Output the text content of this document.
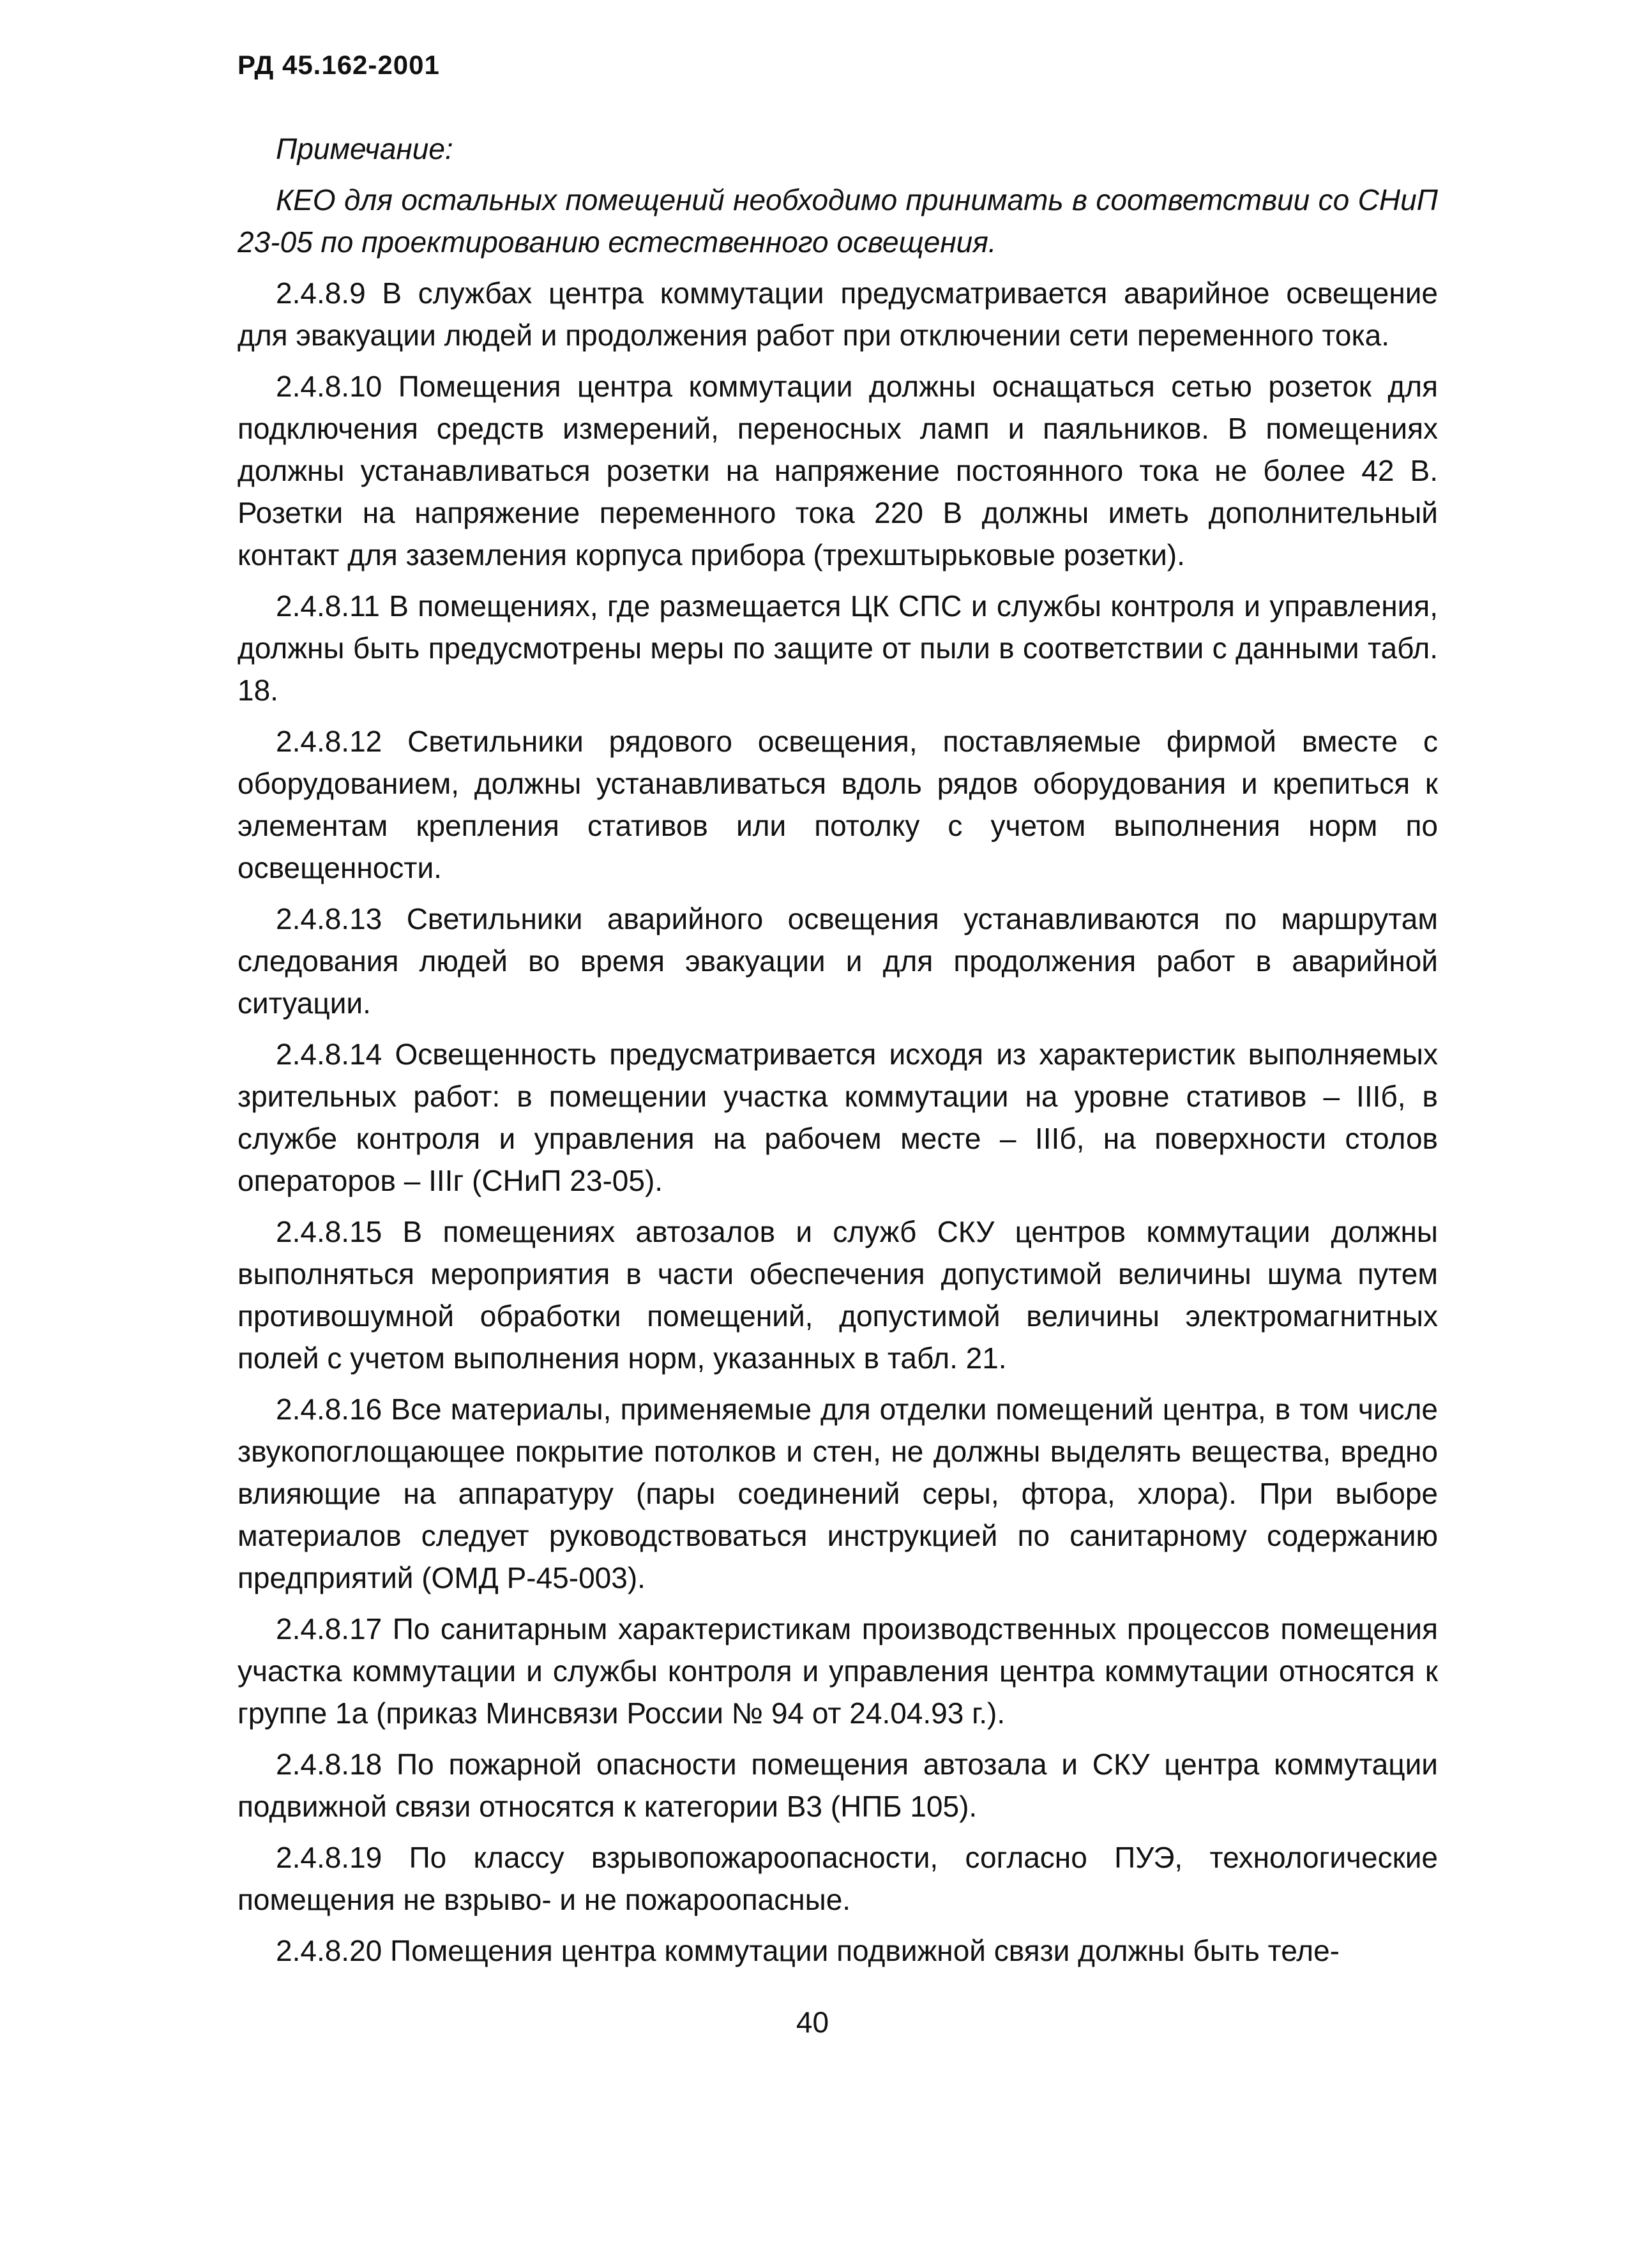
РД 45.162-2001
Примечание:
КЕО для остальных помещений необходимо принимать в соответствии со СНиП 23-05 по проектированию естественного освещения.

2.4.8.9 В службах центра коммутации предусматривается аварийное освещение для эвакуации людей и продолжения работ при отключении сети переменного тока.

2.4.8.10 Помещения центра коммутации должны оснащаться сетью розеток для подключения средств измерений, переносных ламп и паяльников. В помещениях должны устанавливаться розетки на напряжение постоянного тока не более 42 В. Розетки на напряжение переменного тока 220 В должны иметь дополнительный контакт для заземления корпуса прибора (трехштырьковые розетки).

2.4.8.11 В помещениях, где размещается ЦК СПС и службы контроля и управления, должны быть предусмотрены меры по защите от пыли в соответствии с данными табл. 18.

2.4.8.12 Светильники рядового освещения, поставляемые фирмой вместе с оборудованием, должны устанавливаться вдоль рядов оборудования и крепиться к элементам крепления стативов или потолку с учетом выполнения норм по освещенности.

2.4.8.13 Светильники аварийного освещения устанавливаются по маршрутам следования людей во время эвакуации и для продолжения работ в аварийной ситуации.

2.4.8.14 Освещенность предусматривается исходя из характеристик выполняемых зрительных работ: в помещении участка коммутации на уровне стативов – IIIб, в службе контроля и управления на рабочем месте – IIIб, на поверхности столов операторов – IIIг (СНиП 23-05).

2.4.8.15 В помещениях автозалов и служб СКУ центров коммутации должны выполняться мероприятия в части обеспечения допустимой величины шума путем противошумной обработки помещений, допустимой величины электромагнитных полей с учетом выполнения норм, указанных в табл. 21.

2.4.8.16 Все материалы, применяемые для отделки помещений центра, в том числе звукопоглощающее покрытие потолков и стен, не должны выделять вещества, вредно влияющие на аппаратуру (пары соединений серы, фтора, хлора). При выборе материалов следует руководствоваться инструкцией по санитарному содержанию предприятий (ОМД Р-45-003).

2.4.8.17 По санитарным характеристикам производственных процессов помещения участка коммутации и службы контроля и управления центра коммутации относятся к группе 1а (приказ Минсвязи России № 94 от 24.04.93 г.).

2.4.8.18 По пожарной опасности помещения автозала и СКУ центра коммутации подвижной связи относятся к категории В3 (НПБ 105).

2.4.8.19 По классу взрывопожароопасности, согласно ПУЭ, технологические помещения не взрыво- и не пожароопасные.

2.4.8.20 Помещения центра коммутации подвижной связи должны быть теле-

40
